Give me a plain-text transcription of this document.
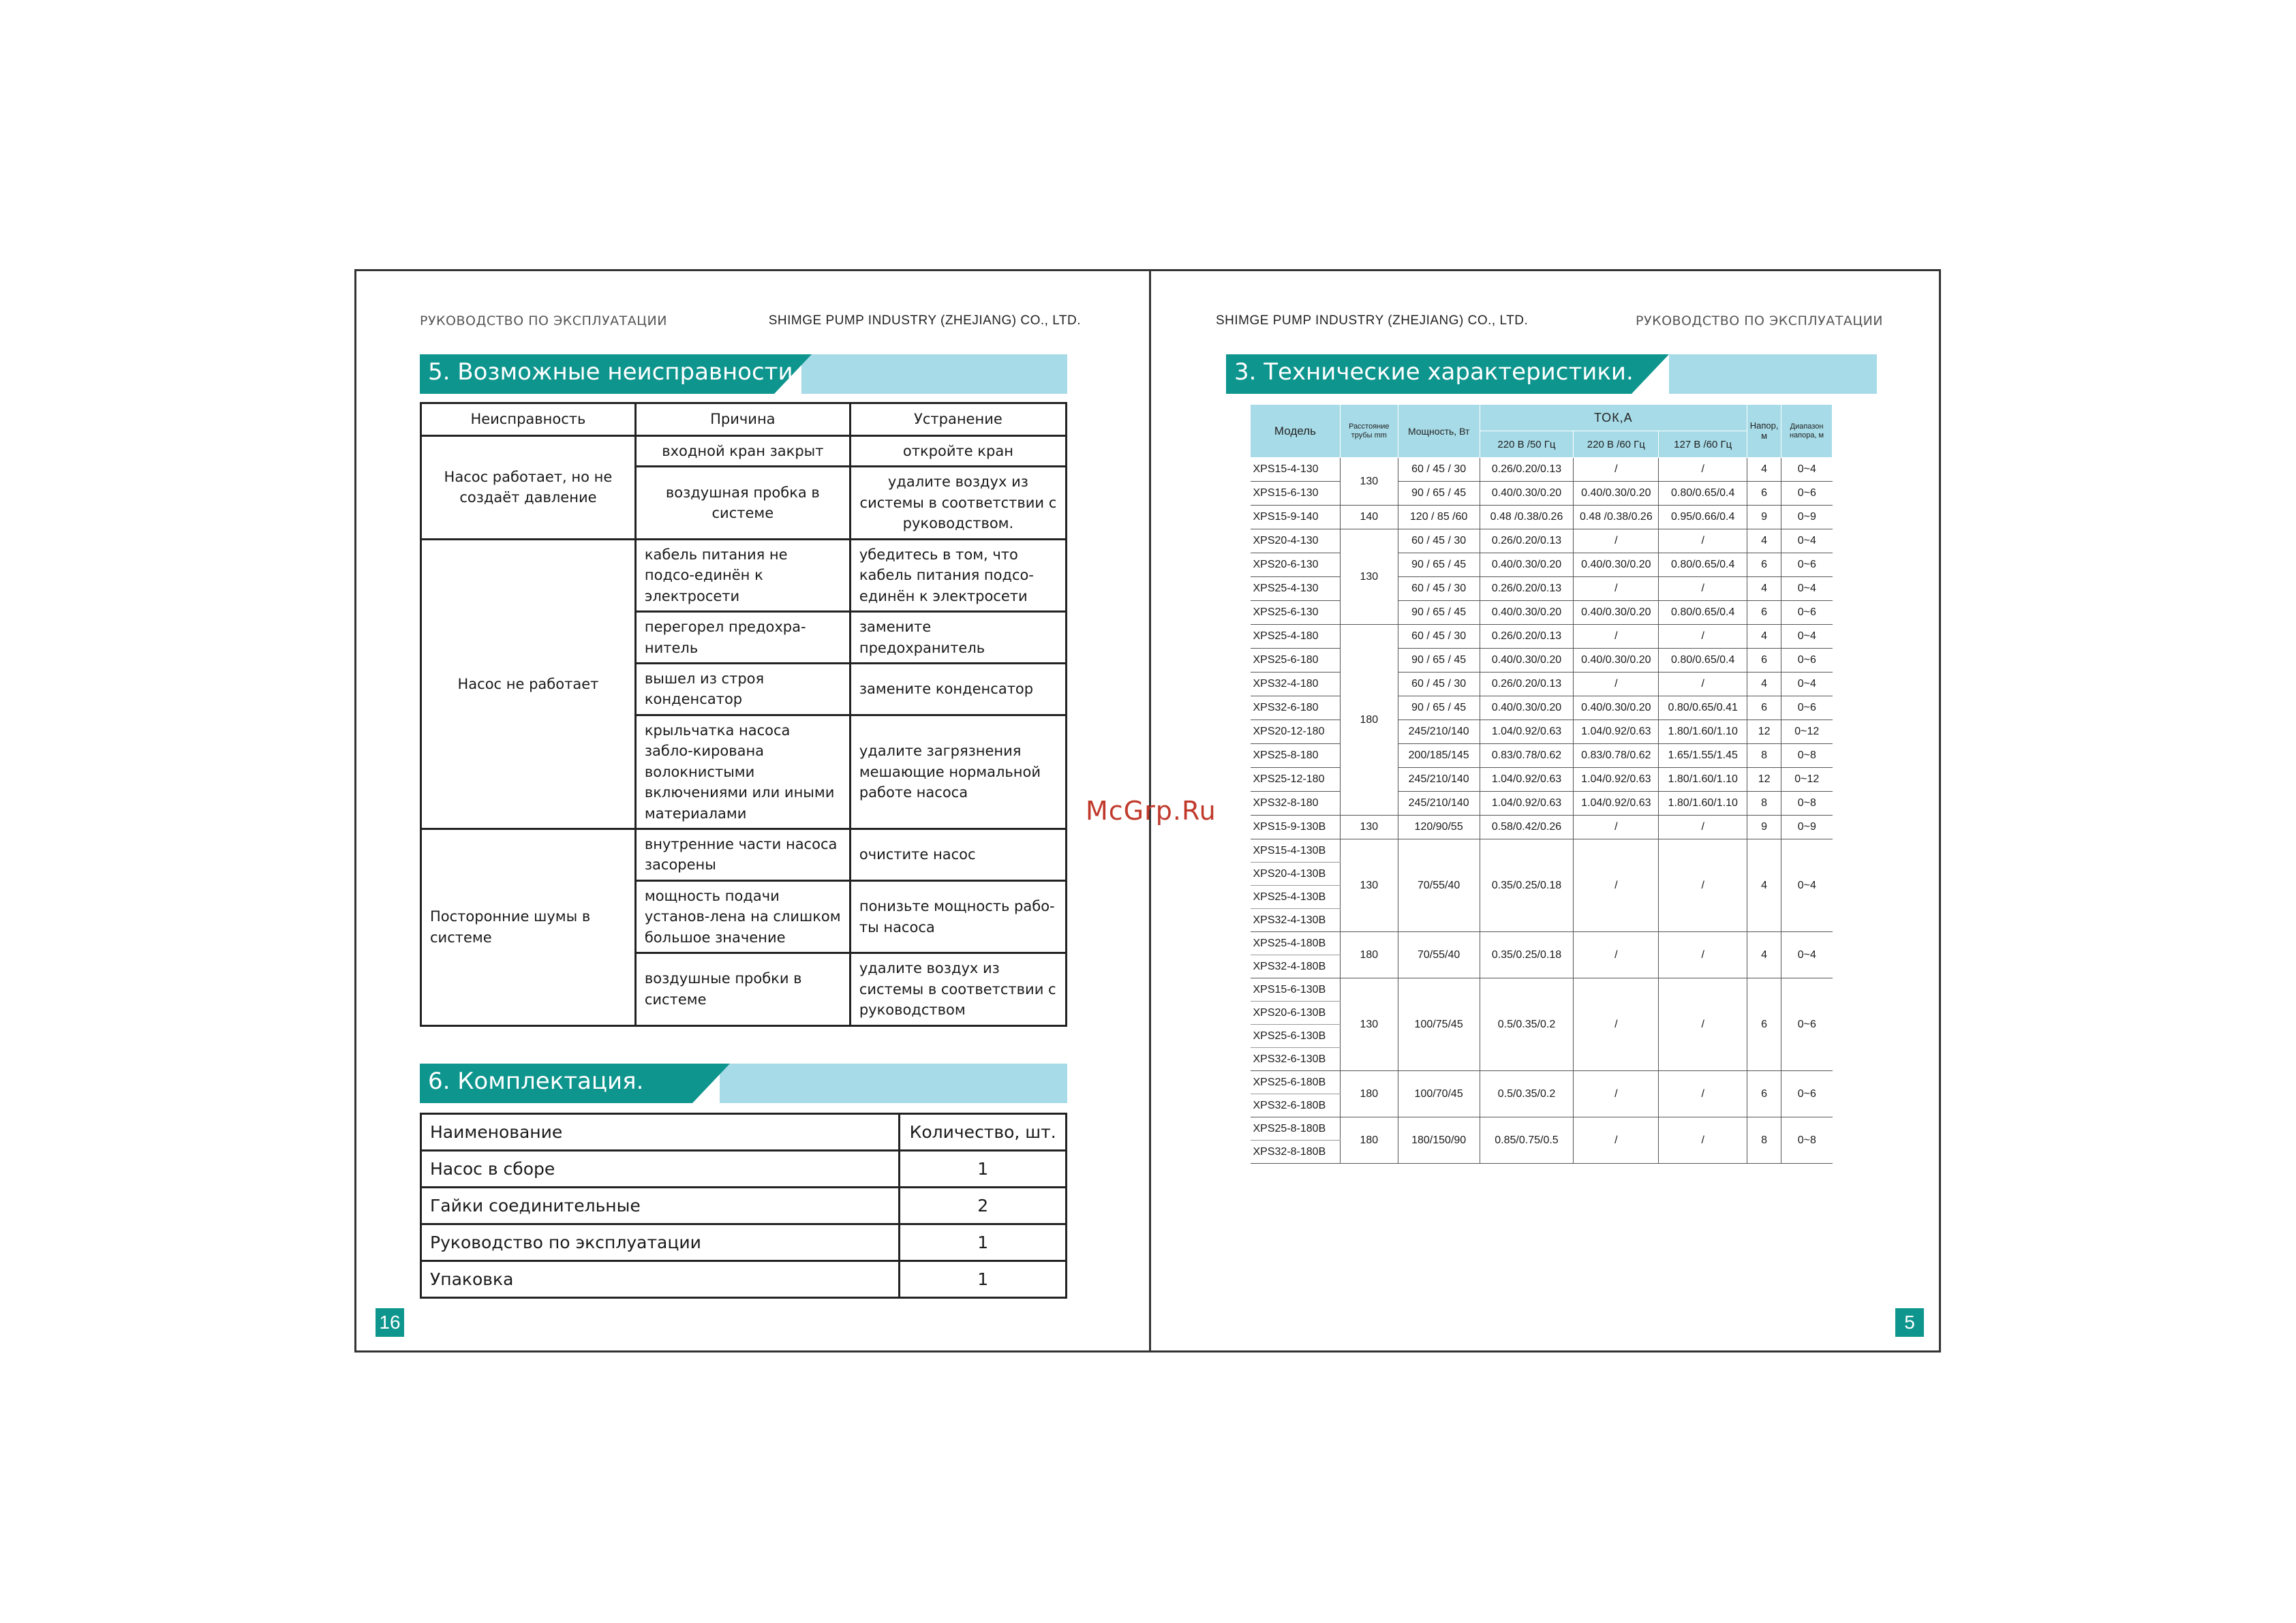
РУКОВОДСТВО ПО ЭКСПЛУАТАЦИИ	SHIMGE PUMP INDUSTRY (ZHEJIANG) CO., LTD.
5. Возможные неисправности.
Неисправность	Причина	Устранение
Насос работает, но не создаёт давление	входной кран закрыт	откройте кран
	воздушная пробка в системе	удалите воздух из системы в соответствии с руководством.
Насос не работает	кабель питания не подсо-единён к электросети	убедитесь в том, что кабель питания подсо-единён к электросети
	перегорел предохра-нитель	замените предохранитель
	вышел из строя конденсатор	замените конденсатор
	крыльчатка насоса забло-кирована волокнистыми включениями или иными материалами	удалите загрязнения мешающие нормальной работе насоса
Посторонние шумы в системе	внутренние части насоса засорены	очистите насос
	мощность подачи установ-лена на слишком большое значение	понизьте мощность рабо-ты насоса
	воздушные пробки в системе	удалите воздух из системы в соответствии с руководством
6. Комплектация.
Наименование	Количество, шт.
Насос в сборе	1
Гайки соединительные	2
Руководство по эксплуатации	1
Упаковка	1
16
SHIMGE PUMP INDUSTRY (ZHEJIANG) CO., LTD.	РУКОВОДСТВО ПО ЭКСПЛУАТАЦИИ
3. Технические характеристики.
Модель	Расстояние трубы mm	Мощность, Вт	ТОК,А			Напор, м	Диапазон напора, м
			220 В /50 Гц	220 В /60 Гц	127 В /60 Гц		
XPS15-4-130	130	60 / 45 / 30	0.26/0.20/0.13	/	/	4	0~4
XPS15-6-130		90 / 65 / 45	0.40/0.30/0.20	0.40/0.30/0.20	0.80/0.65/0.4	6	0~6
XPS15-9-140	140	120 / 85 /60	0.48 /0.38/0.26	0.48 /0.38/0.26	0.95/0.66/0.4	9	0~9
XPS20-4-130	130	60 / 45 / 30	0.26/0.20/0.13	/	/	4	0~4
XPS20-6-130		90 / 65 / 45	0.40/0.30/0.20	0.40/0.30/0.20	0.80/0.65/0.4	6	0~6
XPS25-4-130		60 / 45 / 30	0.26/0.20/0.13	/	/	4	0~4
XPS25-6-130		90 / 65 / 45	0.40/0.30/0.20	0.40/0.30/0.20	0.80/0.65/0.4	6	0~6
XPS25-4-180	180	60 / 45 / 30	0.26/0.20/0.13	/	/	4	0~4
XPS25-6-180		90 / 65 / 45	0.40/0.30/0.20	0.40/0.30/0.20	0.80/0.65/0.4	6	0~6
XPS32-4-180		60 / 45 / 30	0.26/0.20/0.13	/	/	4	0~4
XPS32-6-180		90 / 65 / 45	0.40/0.30/0.20	0.40/0.30/0.20	0.80/0.65/0.41	6	0~6
XPS20-12-180		245/210/140	1.04/0.92/0.63	1.04/0.92/0.63	1.80/1.60/1.10	12	0~12
XPS25-8-180		200/185/145	0.83/0.78/0.62	0.83/0.78/0.62	1.65/1.55/1.45	8	0~8
XPS25-12-180		245/210/140	1.04/0.92/0.63	1.04/0.92/0.63	1.80/1.60/1.10	12	0~12
XPS32-8-180		245/210/140	1.04/0.92/0.63	1.04/0.92/0.63	1.80/1.60/1.10	8	0~8
XPS15-9-130B	130	120/90/55	0.58/0.42/0.26	/	/	9	0~9
XPS15-4-130B	130	70/55/40	0.35/0.25/0.18	/	/	4	0~4
XPS20-4-130B							
XPS25-4-130B							
XPS32-4-130B							
XPS25-4-180B	180	70/55/40	0.35/0.25/0.18	/	/	4	0~4
XPS32-4-180B							
XPS15-6-130B	130	100/75/45	0.5/0.35/0.2	/	/	6	0~6
XPS20-6-130B							
XPS25-6-130B							
XPS32-6-130B							
XPS25-6-180B	180	100/70/45	0.5/0.35/0.2	/	/	6	0~6
XPS32-6-180B							
XPS25-8-180B	180	180/150/90	0.85/0.75/0.5	/	/	8	0~8
XPS32-8-180B							
5
McGrp.Ru
